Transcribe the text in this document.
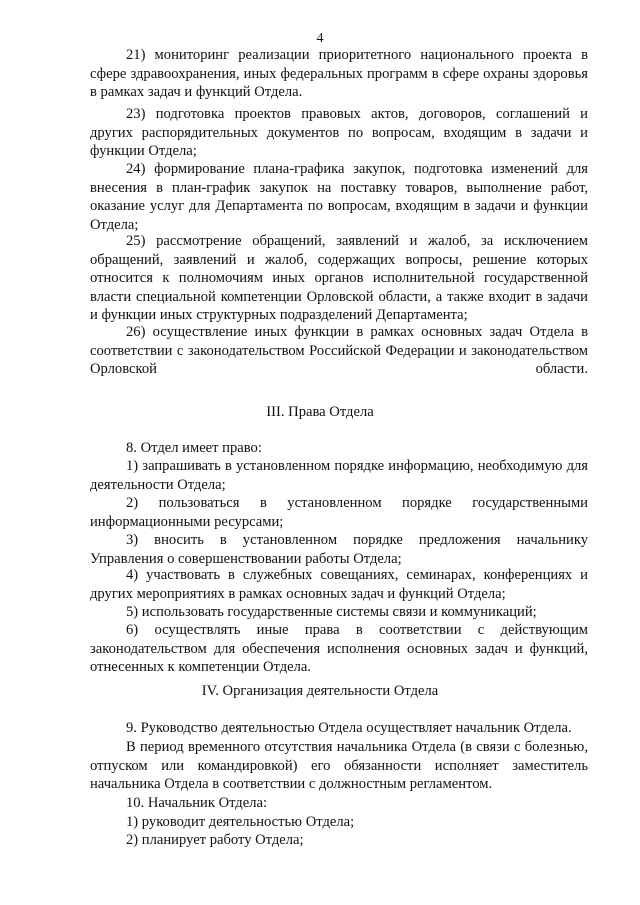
4

21) мониторинг реализации приоритетного национального проекта в сфере здравоохранения, иных федеральных программ в сфере охраны здоровья в рамках задач и функций Отдела.

23) подготовка проектов правовых актов, договоров, соглашений и других распорядительных документов по вопросам, входящим в задачи и функции Отдела;

24) формирование плана-графика закупок, подготовка изменений для внесения в план-график закупок на поставку товаров, выполнение работ, оказание услуг для Департамента по вопросам, входящим в задачи и функции Отдела;

25) рассмотрение обращений, заявлений и жалоб, за исключением обращений, заявлений и жалоб, содержащих вопросы, решение которых относится к полномочиям иных органов исполнительной государственной власти специальной компетенции Орловской области, а также входит в задачи и функции иных структурных подразделений Департамента;

26) осуществление иных функции в рамках основных задач Отдела в соответствии с законодательством Российской Федерации и законодательством Орловской области.

III. Права Отдела

8. Отдел имеет право:

1) запрашивать в установленном порядке информацию, необходимую для деятельности Отдела;

2) пользоваться в установленном порядке государственными информационными ресурсами;

3) вносить в установленном порядке предложения начальнику Управления о совершенствовании работы Отдела;

4) участвовать в служебных совещаниях, семинарах, конференциях и других мероприятиях в рамках основных задач и функций Отдела;

5) использовать государственные системы связи и коммуникаций;

6) осуществлять иные права в соответствии с действующим законодательством для обеспечения исполнения основных задач и функций, отнесенных к компетенции Отдела.

IV. Организация деятельности Отдела

9. Руководство деятельностью Отдела осуществляет начальник Отдела.

В период временного отсутствия начальника Отдела (в связи с болезнью, отпуском или командировкой) его обязанности исполняет заместитель начальника Отдела в соответствии с должностным регламентом.

10. Начальник Отдела:

1) руководит деятельностью Отдела;

2) планирует работу Отдела;
